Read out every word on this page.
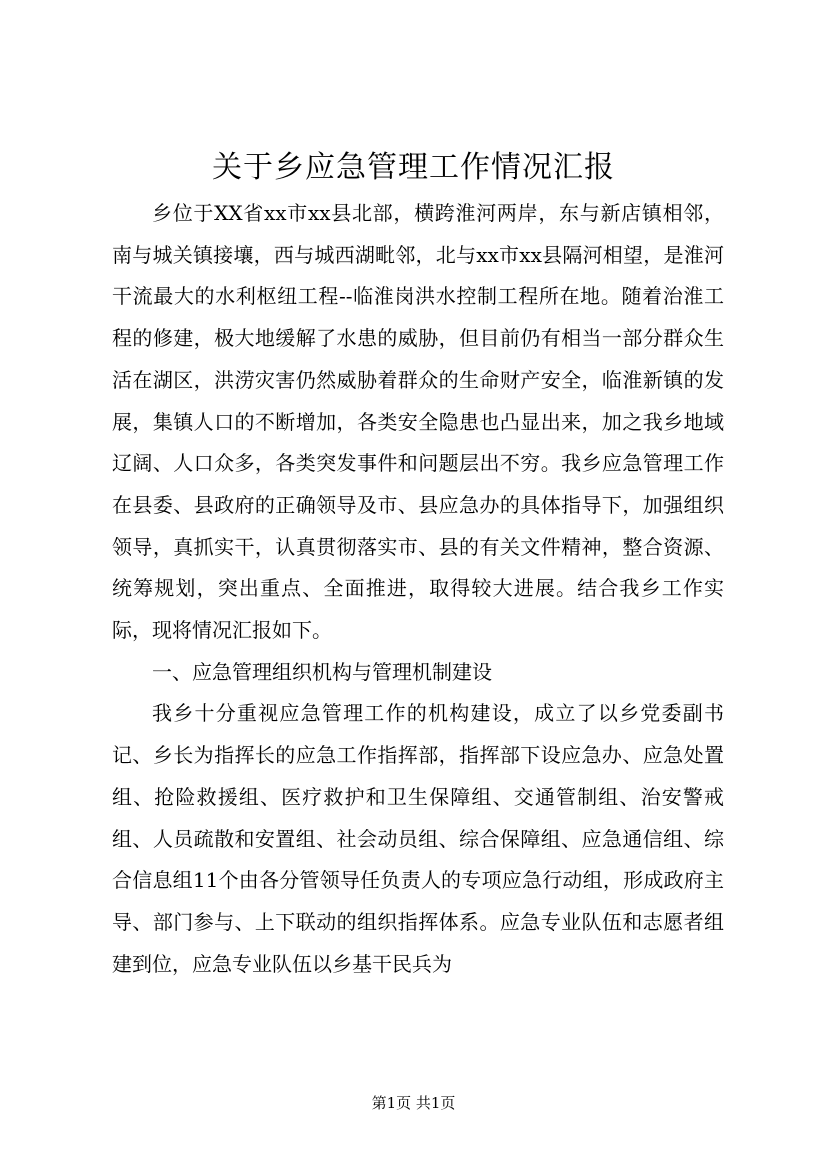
关于乡应急管理工作情况汇报

乡位于XX省xx市xx县北部，横跨淮河两岸，东与新店镇相邻，南与城关镇接壤，西与城西湖毗邻，北与xx市xx县隔河相望，是淮河干流最大的水利枢纽工程--临淮岗洪水控制工程所在地。随着治淮工程的修建，极大地缓解了水患的威胁，但目前仍有相当一部分群众生活在湖区，洪涝灾害仍然威胁着群众的生命财产安全，临淮新镇的发展，集镇人口的不断增加，各类安全隐患也凸显出来，加之我乡地域辽阔、人口众多，各类突发事件和问题层出不穷。我乡应急管理工作在县委、县政府的正确领导及市、县应急办的具体指导下，加强组织领导，真抓实干，认真贯彻落实市、县的有关文件精神，整合资源、统筹规划，突出重点、全面推进，取得较大进展。结合我乡工作实际，现将情况汇报如下。

一、应急管理组织机构与管理机制建设

我乡十分重视应急管理工作的机构建设，成立了以乡党委副书记、乡长为指挥长的应急工作指挥部，指挥部下设应急办、应急处置组、抢险救援组、医疗救护和卫生保障组、交通管制组、治安警戒组、人员疏散和安置组、社会动员组、综合保障组、应急通信组、综合信息组11个由各分管领导任负责人的专项应急行动组，形成政府主导、部门参与、上下联动的组织指挥体系。应急专业队伍和志愿者组建到位，应急专业队伍以乡基干民兵为

第1页 共1页
